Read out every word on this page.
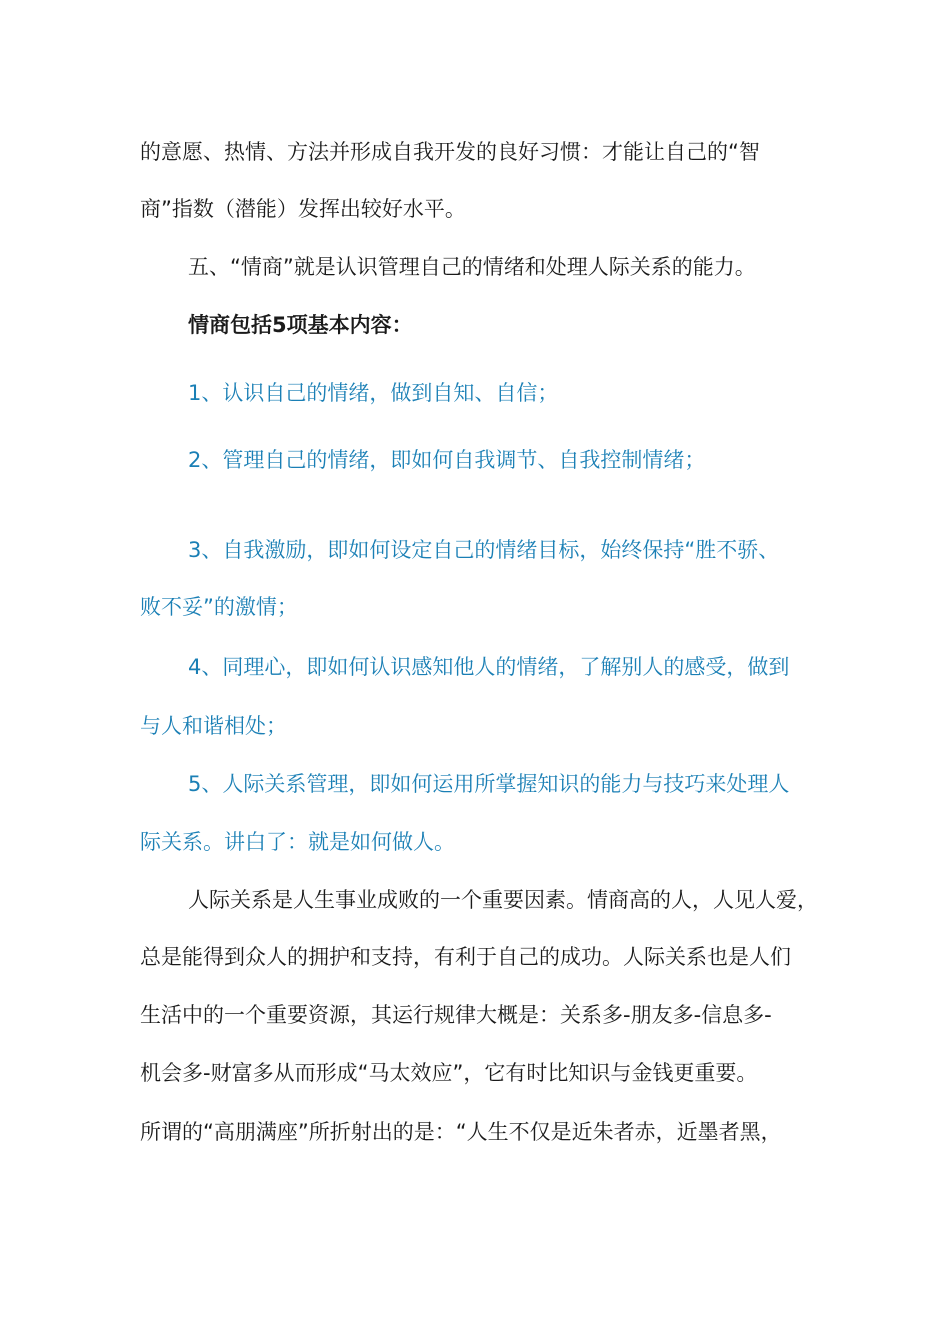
的意愿、热情、方法并形成自我开发的良好习惯：才能让自己的“智
商”指数（潜能）发挥出较好水平。
五、“情商”就是认识管理自己的情绪和处理人际关系的能力。
情商包括5项基本内容：
1、认识自己的情绪，做到自知、自信；
2、管理自己的情绪，即如何自我调节、自我控制情绪；
3、自我激励，即如何设定自己的情绪目标，始终保持“胜不骄、
败不妥”的激情；
4、同理心，即如何认识感知他人的情绪，了解别人的感受，做到
与人和谐相处；
5、人际关系管理，即如何运用所掌握知识的能力与技巧来处理人
际关系。讲白了：就是如何做人。
人际关系是人生事业成败的一个重要因素。情商高的人，人见人爱，
总是能得到众人的拥护和支持，有利于自己的成功。人际关系也是人们
生活中的一个重要资源，其运行规律大概是：关系多-朋友多-信息多-
机会多-财富多从而形成“马太效应”，它有时比知识与金钱更重要。
所谓的“高朋满座”所折射出的是：“人生不仅是近朱者赤，近墨者黑，
